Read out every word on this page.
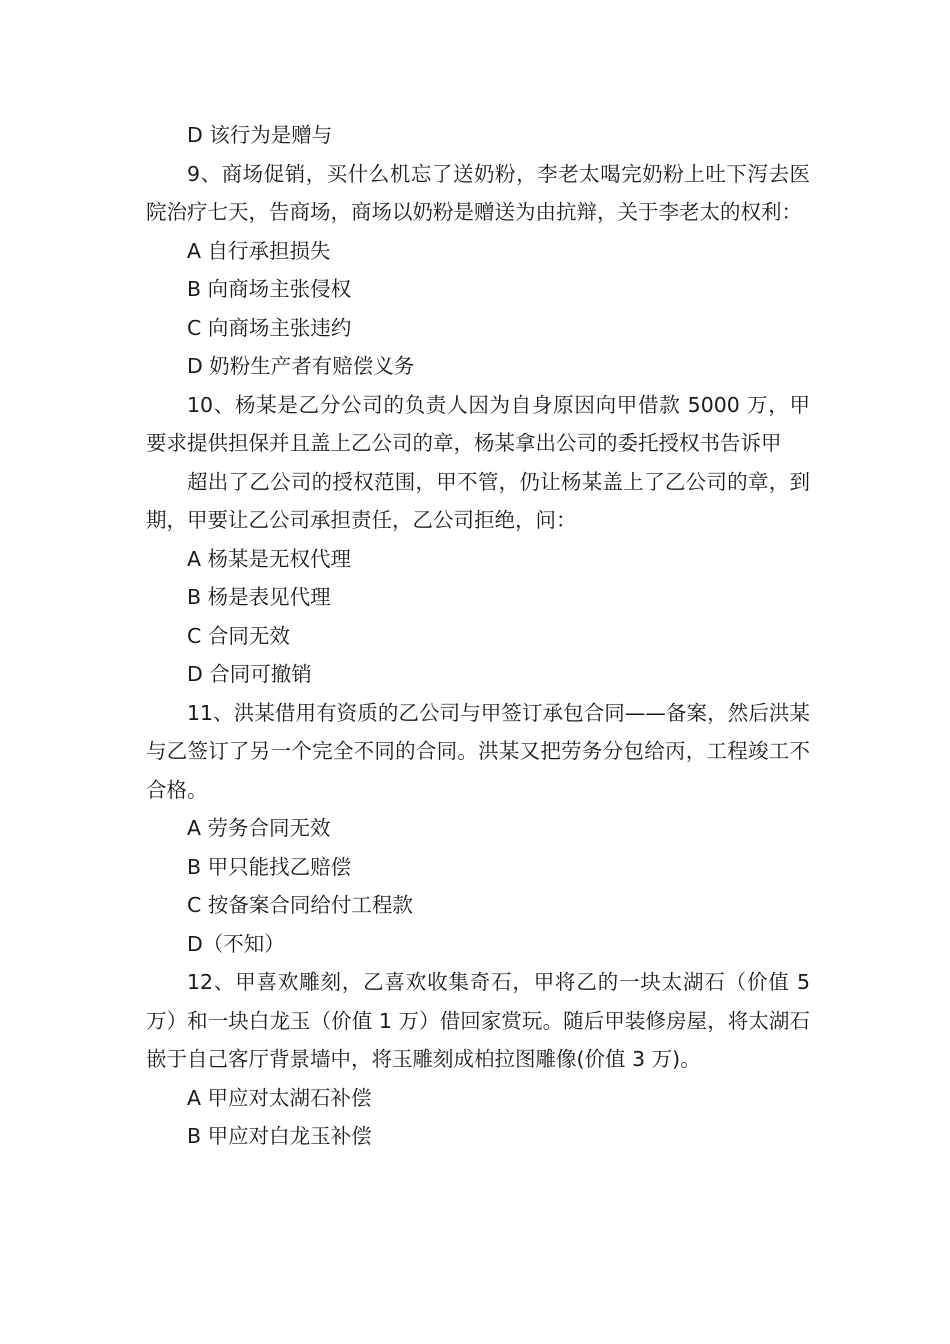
D 该行为是赠与

9、商场促销，买什么机忘了送奶粉，李老太喝完奶粉上吐下泻去医院治疗七天，告商场，商场以奶粉是赠送为由抗辩，关于李老太的权利：

A 自行承担损失

B 向商场主张侵权

C 向商场主张违约

D 奶粉生产者有赔偿义务

10、杨某是乙分公司的负责人因为自身原因向甲借款 5000 万，甲要求提供担保并且盖上乙公司的章，杨某拿出公司的委托授权书告诉甲

超出了乙公司的授权范围，甲不管，仍让杨某盖上了乙公司的章，到期，甲要让乙公司承担责任，乙公司拒绝，问：

A 杨某是无权代理

B 杨是表见代理

C 合同无效

D 合同可撤销

11、洪某借用有资质的乙公司与甲签订承包合同——备案，然后洪某与乙签订了另一个完全不同的合同。洪某又把劳务分包给丙，工程竣工不合格。

A 劳务合同无效

B 甲只能找乙赔偿

C 按备案合同给付工程款

D（不知）

12、甲喜欢雕刻，乙喜欢收集奇石，甲将乙的一块太湖石（价值 5 万）和一块白龙玉（价值 1 万）借回家赏玩。随后甲装修房屋，将太湖石嵌于自己客厅背景墙中，将玉雕刻成柏拉图雕像(价值 3 万)。

A 甲应对太湖石补偿

B 甲应对白龙玉补偿
